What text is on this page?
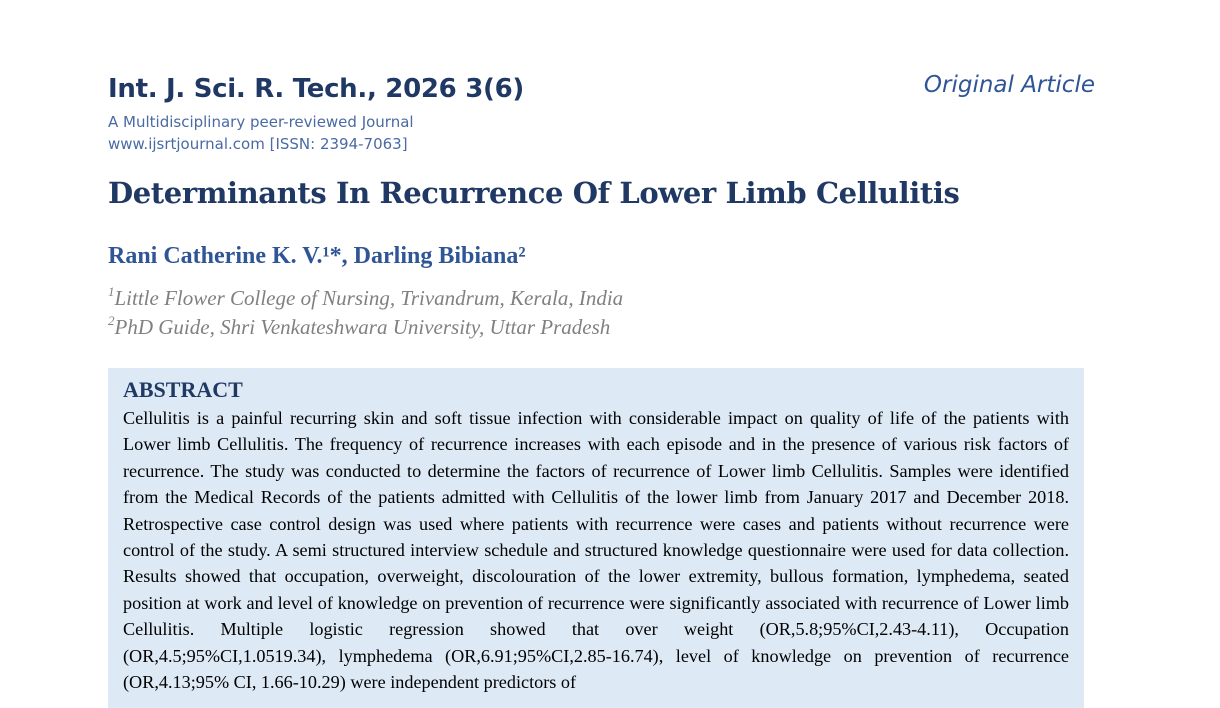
Int. J. Sci. R. Tech., 2026 3(6)
A Multidisciplinary peer-reviewed Journal
www.ijsrtjournal.com [ISSN: 2394-7063]
Original Article
Determinants In Recurrence Of Lower Limb Cellulitis
Rani Catherine K. V.¹*, Darling Bibiana²
$^1$Little Flower College of Nursing, Trivandrum, Kerala, India
$^2$PhD Guide, Shri Venkateshwara University, Uttar Pradesh
ABSTRACT

Cellulitis is a painful recurring skin and soft tissue infection with considerable impact on quality of life of the patients with Lower limb Cellulitis. The frequency of recurrence increases with each episode and in the presence of various risk factors of recurrence. The study was conducted to determine the factors of recurrence of Lower limb Cellulitis. Samples were identified from the Medical Records of the patients admitted with Cellulitis of the lower limb from January 2017 and December 2018. Retrospective case control design was used where patients with recurrence were cases and patients without recurrence were control of the study. A semi structured interview schedule and structured knowledge questionnaire were used for data collection. Results showed that occupation, overweight, discolouration of the lower extremity, bullous formation, lymphedema, seated position at work and level of knowledge on prevention of recurrence were significantly associated with recurrence of Lower limb Cellulitis. Multiple logistic regression showed that over weight (OR,5.8;95%CI,2.43-4.11), Occupation (OR,4.5;95%CI,1.0519.34), lymphedema (OR,6.91;95%CI,2.85-16.74), level of knowledge on prevention of recurrence (OR,4.13;95% CI, 1.66-10.29) were independent predictors of
